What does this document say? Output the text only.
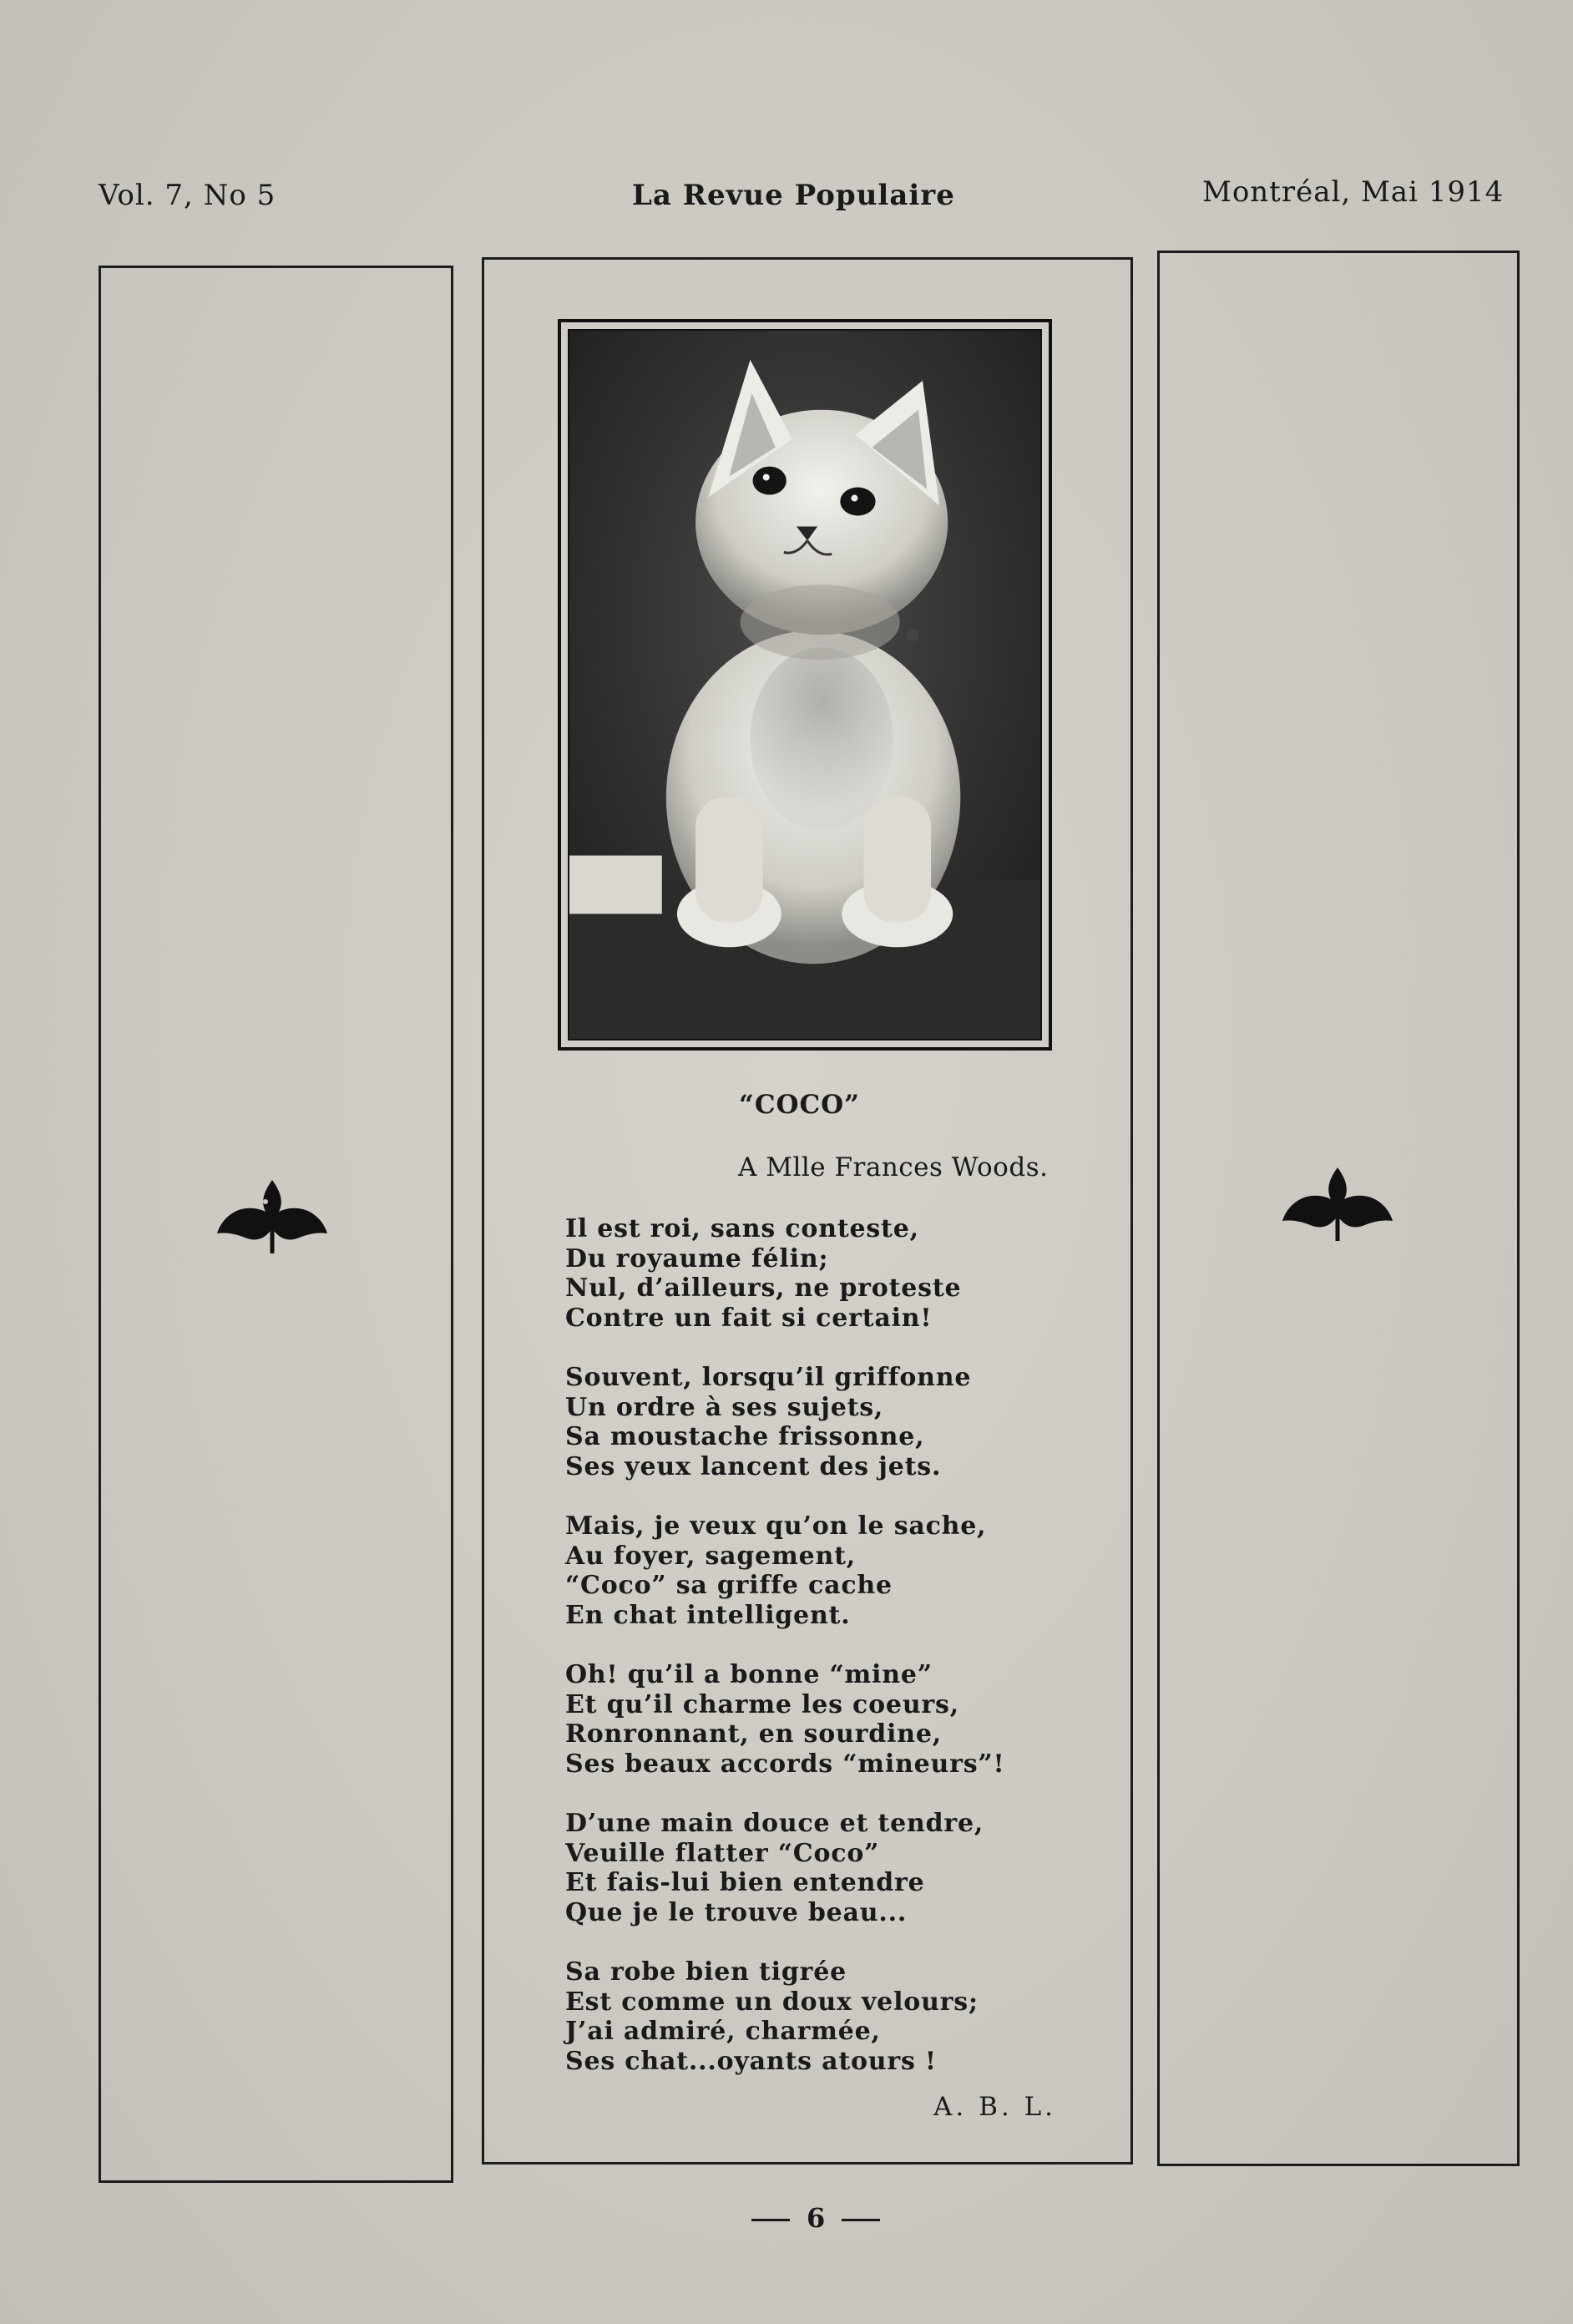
Vol. 7, No 5	La Revue Populaire	Montréal, Mai 1914
“COCO”
A Mlle Frances Woods.
Il est roi, sans conteste,
Du royaume félin;
Nul, d’ailleurs, ne proteste
Contre un fait si certain!
Souvent, lorsqu’il griffonne
Un ordre à ses sujets,
Sa moustache frissonne,
Ses yeux lancent des jets.
Mais, je veux qu’on le sache,
Au foyer, sagement,
“Coco” sa griffe cache
En chat intelligent.
Oh! qu’il a bonne “mine”
Et qu’il charme les coeurs,
Ronronnant, en sourdine,
Ses beaux accords “mineurs”!
D’une main douce et tendre,
Veuille flatter “Coco”
Et fais-lui bien entendre
Que je le trouve beau...
Sa robe bien tigrée
Est comme un doux velours;
J’ai admiré, charmée,
Ses chat...oyants atours !
A. B. L.
6
